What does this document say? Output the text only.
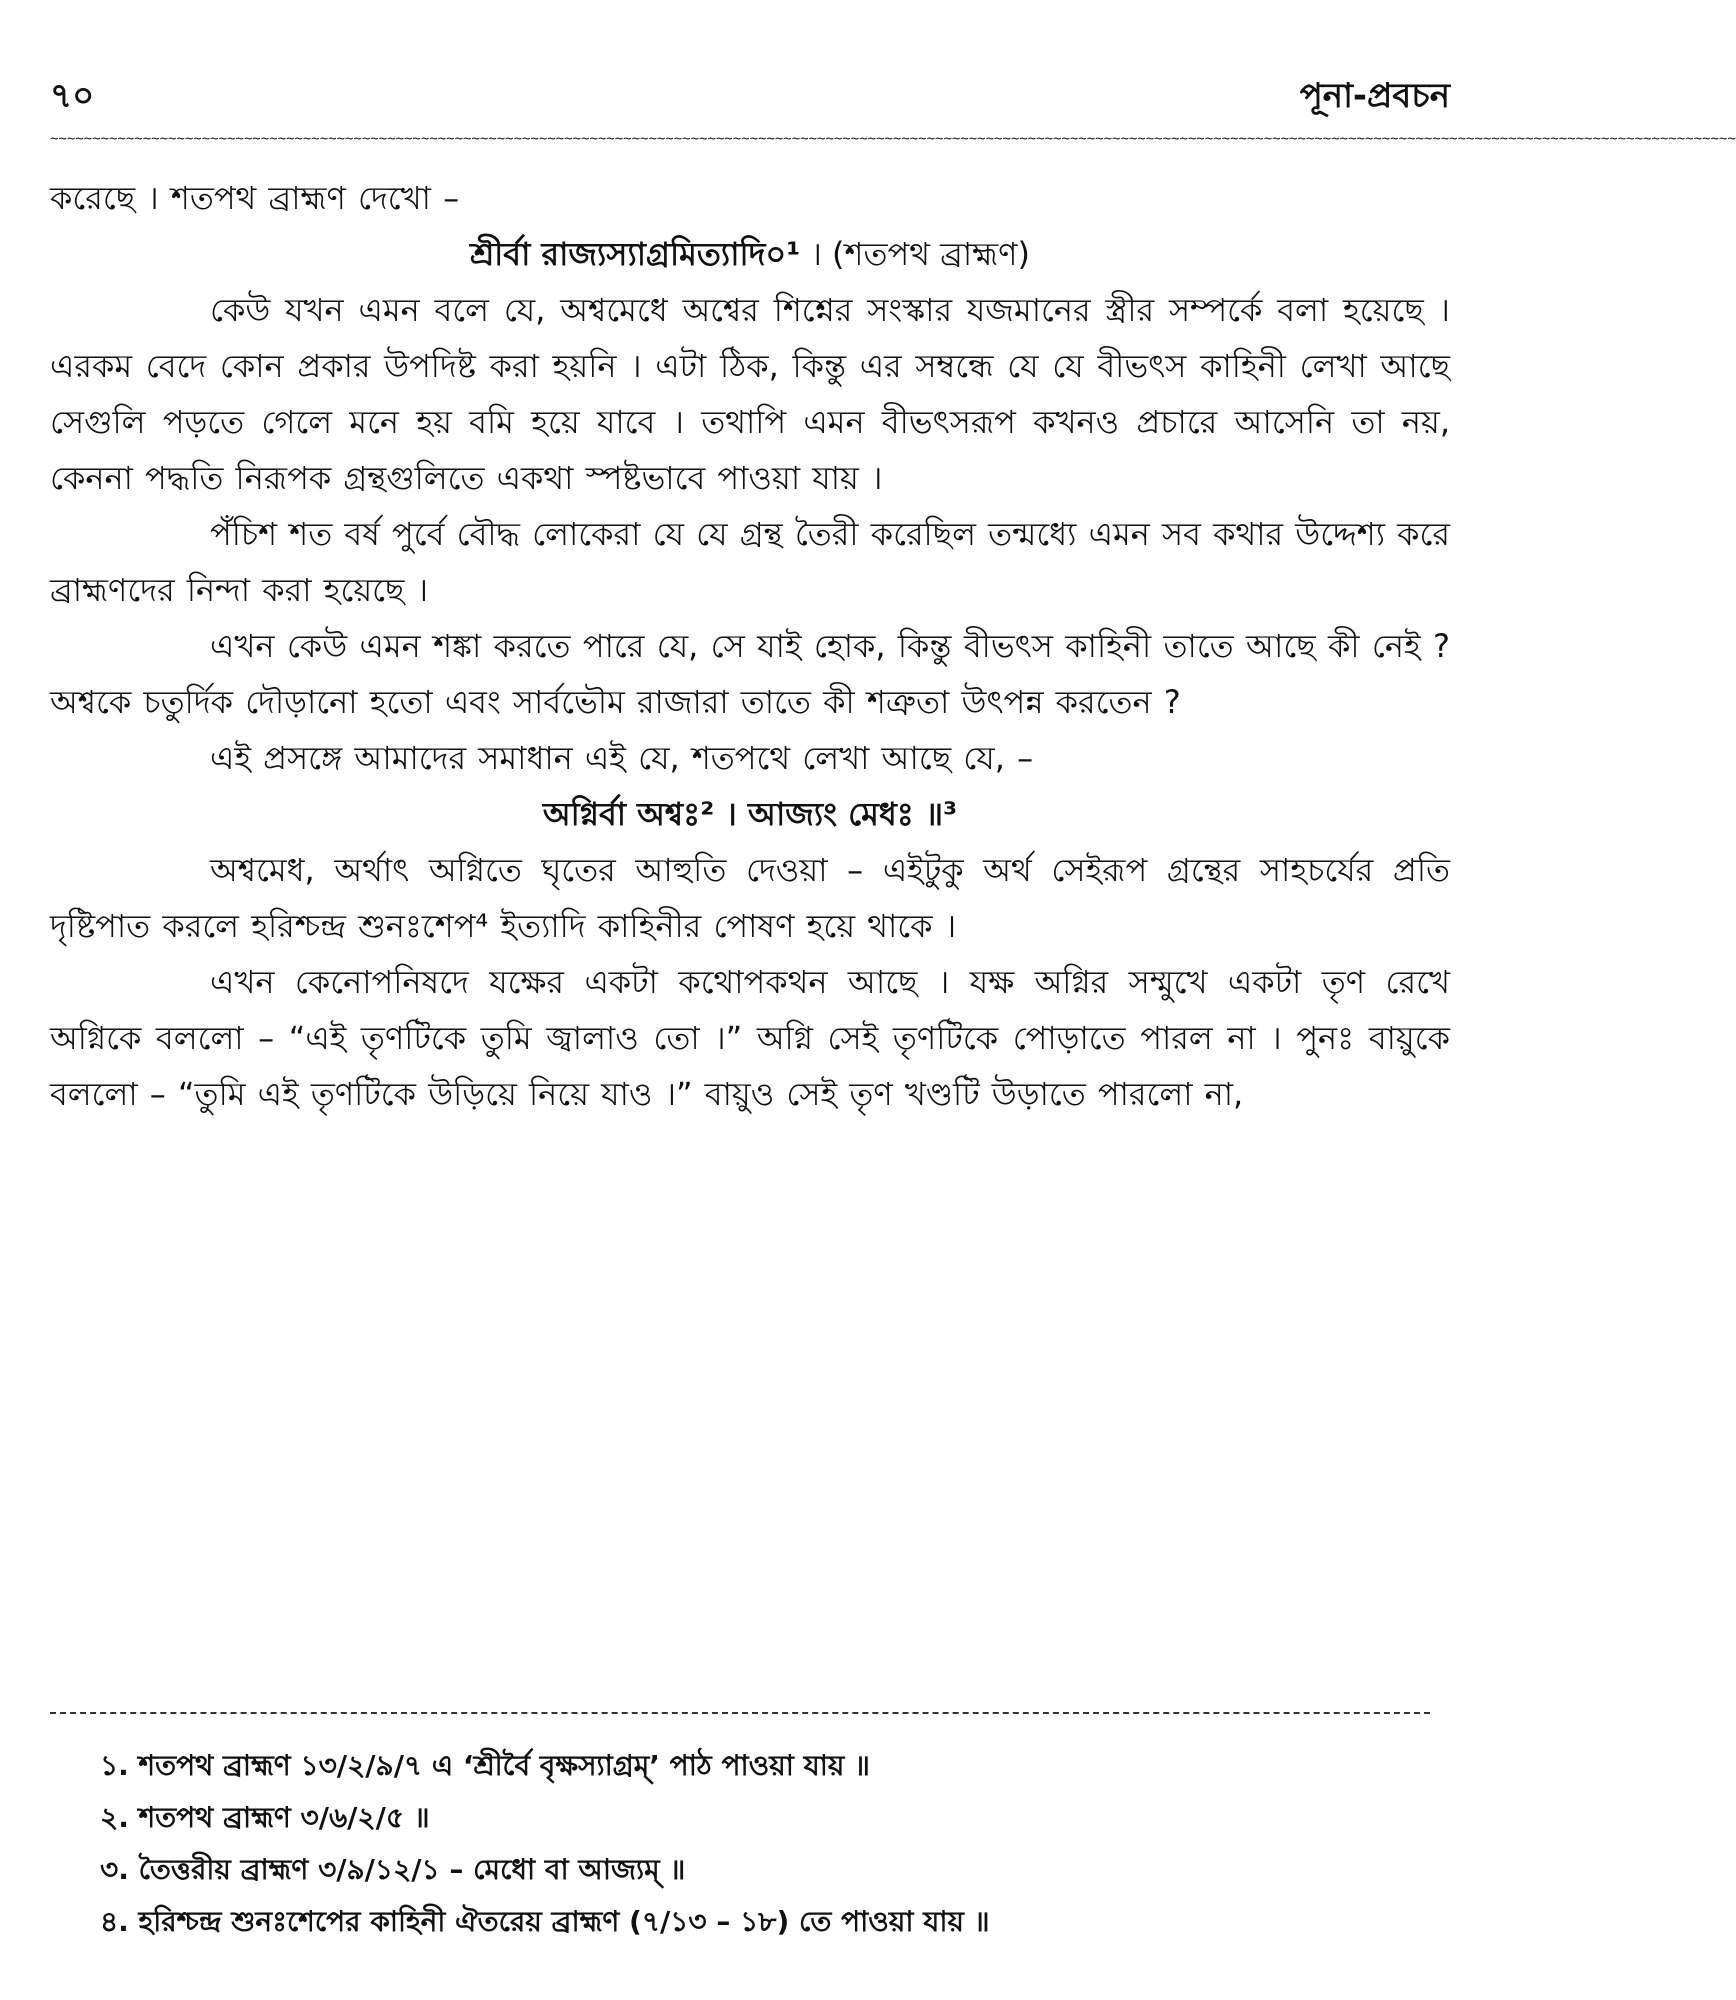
৭০	পূনা-প্রবচন
~~~~~~~~~~~~~~~~~~~~~~~~~~~~~~~~~~~~~~~~~~~~~~~~~~~~~~~~~~~~~~~~~~~~~~~~~~~~~~~~~~~~~~~~~~~~~~~~~~~~~~~~~~~~~~~~~~~~~~~~~~~~~~~~~~~~~~~~~~~~~~~~~~~~~~~~~~~~~~~~~~~~~~~~~~~~~~~~~~~~~~~~~~~~~~~~~~~~~~~~

করেছে । শতপথ ব্রাহ্মণ দেখো –

শ্রীর্বা রাজ্যস্যাগ্রমিত্যাদি০¹ । (শতপথ ব্রাহ্মণ)

কেউ যখন এমন বলে যে, অশ্বমেধে অশ্বের শিশ্নের সংস্কার যজমানের স্ত্রীর সম্পর্কে বলা হয়েছে । এরকম বেদে কোন প্রকার উপদিষ্ট করা হয়নি । এটা ঠিক, কিন্তু এর সম্বন্ধে যে যে বীভৎস কাহিনী লেখা আছে সেগুলি পড়তে গেলে মনে হয় বমি হয়ে যাবে । তথাপি এমন বীভৎসরূপ কখনও প্রচারে আসেনি তা নয়, কেননা পদ্ধতি নিরূপক গ্রন্থগুলিতে একথা স্পষ্টভাবে পাওয়া যায় ।

পঁচিশ শত বর্ষ পুর্বে বৌদ্ধ লোকেরা যে যে গ্রন্থ তৈরী করেছিল তন্মধ্যে এমন সব কথার উদ্দেশ্য করে ব্রাহ্মণদের নিন্দা করা হয়েছে ।

এখন কেউ এমন শঙ্কা করতে পারে যে, সে যাই হোক, কিন্তু বীভৎস কাহিনী তাতে আছে কী নেই ? অশ্বকে চতুর্দিক দৌড়ানো হতো এবং সার্বভৌম রাজারা তাতে কী শত্রুতা উৎপন্ন করতেন ?

এই প্রসঙ্গে আমাদের সমাধান এই যে, শতপথে লেখা আছে যে, –

অগ্নির্বা অশ্বঃ² । আজ্যং মেধঃ ॥³

অশ্বমেধ, অর্থাৎ অগ্নিতে ঘৃতের আহুতি দেওয়া – এইটুকু অর্থ সেইরূপ গ্রন্থের সাহচর্যের প্রতি দৃষ্টিপাত করলে হরিশ্চন্দ্র শুনঃশেপ⁴ ইত্যাদি কাহিনীর পোষণ হয়ে থাকে ।

এখন কেনোপনিষদে যক্ষের একটা কথোপকথন আছে । যক্ষ অগ্নির সম্মুখে একটা তৃণ রেখে অগ্নিকে বললো – “এই তৃণটিকে তুমি জ্বালাও তো ।” অগ্নি সেই তৃণটিকে পোড়াতে পারল না । পুনঃ বায়ুকে বললো – “তুমি এই তৃণটিকে উড়িয়ে নিয়ে যাও ।” বায়ুও সেই তৃণ খণ্ডটি উড়াতে পারলো না,

১. শতপথ ব্রাহ্মণ ১৩/২/৯/৭ এ ‘শ্রীর্বৈ বৃক্ষস্যাগ্রম্’ পাঠ পাওয়া যায় ॥

২. শতপথ ব্রাহ্মণ ৩/৬/২/৫ ॥

৩. তৈত্তরীয় ব্রাহ্মণ ৩/৯/১২/১ – মেধো বা আজ্যম্ ॥

৪. হরিশ্চন্দ্র শুনঃশেপের কাহিনী ঐতরেয় ব্রাহ্মণ (৭/১৩ – ১৮) তে পাওয়া যায় ॥
